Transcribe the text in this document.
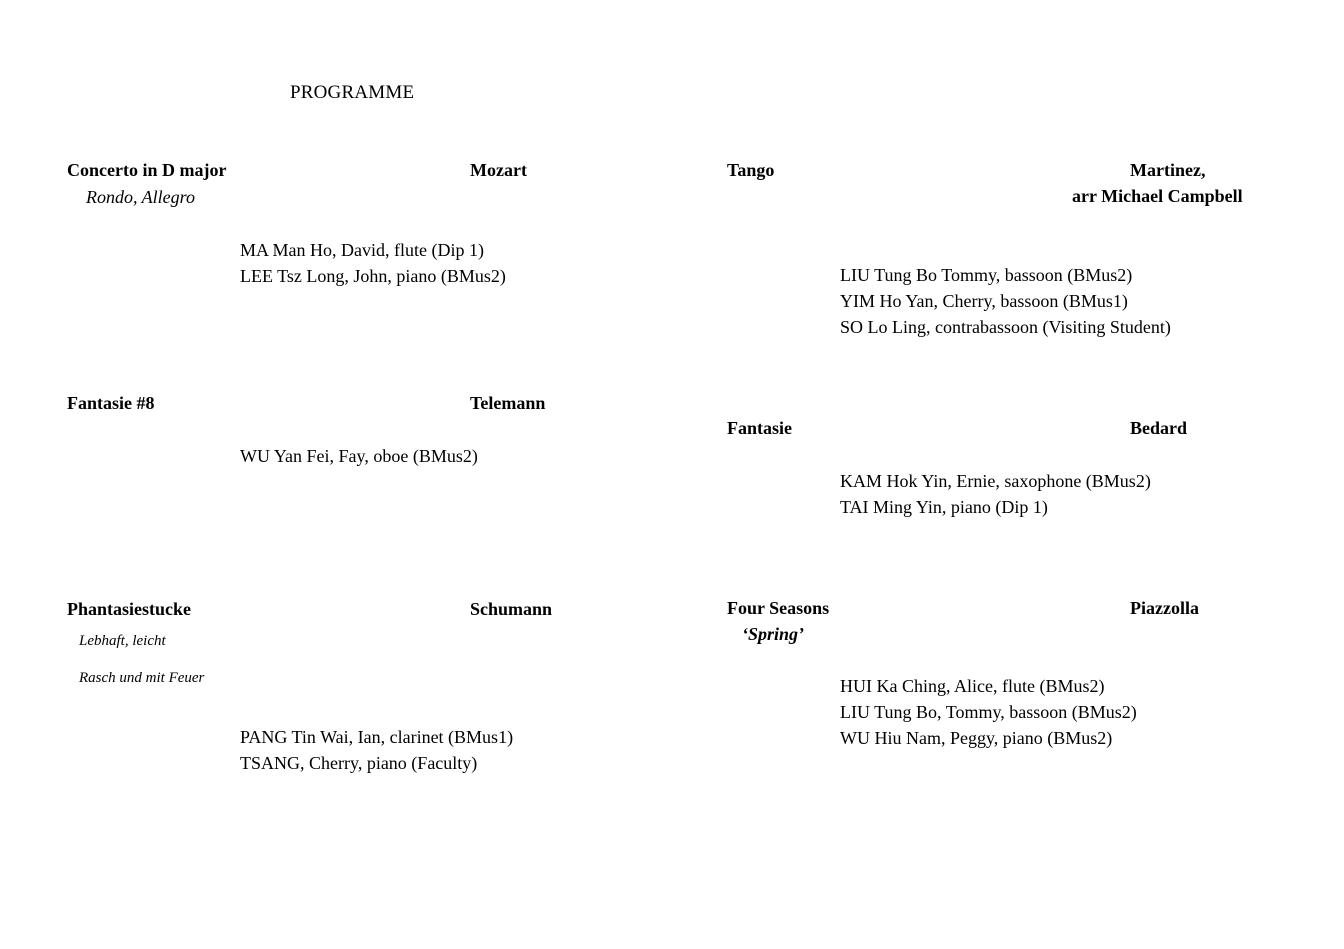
PROGRAMME
Concerto in D major	Mozart
Rondo, Allegro
MA Man Ho, David, flute (Dip 1)
LEE Tsz Long, John, piano (BMus2)
Fantasie #8	Telemann
WU Yan Fei, Fay, oboe (BMus2)
Phantasiestucke	Schumann
Lebhaft, leicht
Rasch und mit Feuer
PANG Tin Wai, Ian, clarinet (BMus1)
TSANG, Cherry, piano (Faculty)
Tango	Martinez,
arr Michael Campbell
LIU Tung Bo Tommy, bassoon (BMus2)
YIM Ho Yan, Cherry, bassoon (BMus1)
SO Lo Ling, contrabassoon (Visiting Student)
Fantasie	Bedard
KAM Hok Yin, Ernie, saxophone (BMus2)
TAI Ming Yin, piano (Dip 1)
Four Seasons	Piazzolla
‘Spring’
HUI Ka Ching, Alice, flute (BMus2)
LIU Tung Bo, Tommy, bassoon (BMus2)
WU Hiu Nam, Peggy, piano (BMus2)
